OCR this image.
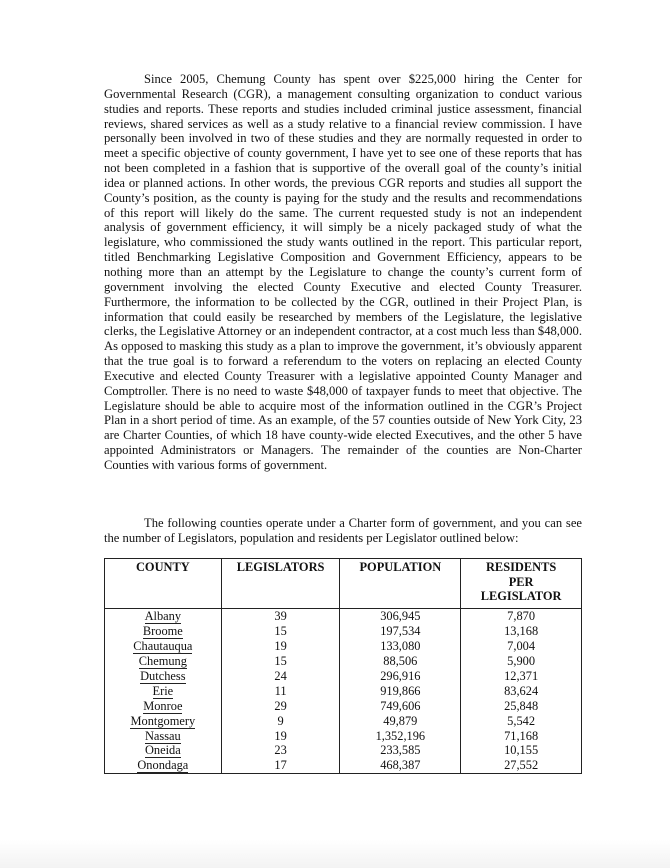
Since 2005, Chemung County has spent over $225,000 hiring the Center for Governmental Research (CGR), a management consulting organization to conduct various studies and reports. These reports and studies included criminal justice assessment, financial reviews, shared services as well as a study relative to a financial review commission. I have personally been involved in two of these studies and they are normally requested in order to meet a specific objective of county government, I have yet to see one of these reports that has not been completed in a fashion that is supportive of the overall goal of the county’s initial idea or planned actions. In other words, the previous CGR reports and studies all support the County’s position, as the county is paying for the study and the results and recommendations of this report will likely do the same. The current requested study is not an independent analysis of government efficiency, it will simply be a nicely packaged study of what the legislature, who commissioned the study wants outlined in the report. This particular report, titled Benchmarking Legislative Composition and Government Efficiency, appears to be nothing more than an attempt by the Legislature to change the county’s current form of government involving the elected County Executive and elected County Treasurer. Furthermore, the information to be collected by the CGR, outlined in their Project Plan, is information that could easily be researched by members of the Legislature, the legislative clerks, the Legislative Attorney or an independent contractor, at a cost much less than $48,000. As opposed to masking this study as a plan to improve the government, it’s obviously apparent that the true goal is to forward a referendum to the voters on replacing an elected County Executive and elected County Treasurer with a legislative appointed County Manager and Comptroller. There is no need to waste $48,000 of taxpayer funds to meet that objective. The Legislature should be able to acquire most of the information outlined in the CGR’s Project Plan in a short period of time. As an example, of the 57 counties outside of New York City, 23 are Charter Counties, of which 18 have county-wide elected Executives, and the other 5 have appointed Administrators or Managers. The remainder of the counties are Non-Charter Counties with various forms of government.

The following counties operate under a Charter form of government, and you can see the number of Legislators, population and residents per Legislator outlined below:

COUNTY	LEGISLATORS	POPULATION	RESIDENTS
PER
LEGISLATOR

Albany	39	306,945	7,870
Broome	15	197,534	13,168
Chautauqua	19	133,080	7,004
Chemung	15	88,506	5,900
Dutchess	24	296,916	12,371
Erie	11	919,866	83,624
Monroe	29	749,606	25,848
Montgomery	9	49,879	5,542
Nassau	19	1,352,196	71,168
Oneida	23	233,585	10,155
Onondaga	17	468,387	27,552
